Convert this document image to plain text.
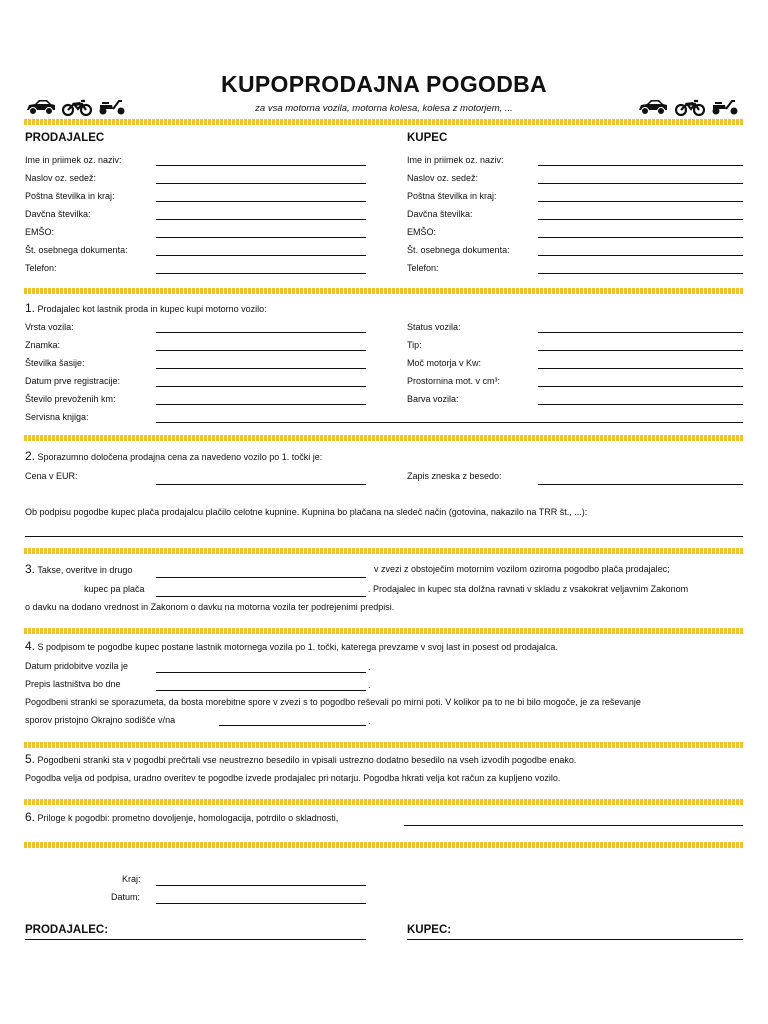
KUPOPRODAJNA POGODBA
za vsa motorna vozila, motorna kolesa, kolesa z motorjem, ...
PRODAJALEC	KUPEC
Ime in priimek oz. naziv:	Ime in priimek oz. naziv:
Naslov oz. sedež:	Naslov oz. sedež:
Poštna številka in kraj:	Poštna številka in kraj:
Davčna številka:	Davčna številka:
EMŠO:	EMŠO:
Št. osebnega dokumenta:	Št. osebnega dokumenta:
Telefon:	Telefon:
1. Prodajalec kot lastnik proda in kupec kupi motorno vozilo:
Vrsta vozila:	Status vozila:
Znamka:	Tip:
Številka šasije:	Moč motorja v Kw:
Datum prve registracije:	Prostornina mot. v cm³:
Število prevoženih km:	Barva vozila:
Servisna knjiga:
2. Sporazumno določena prodajna cena za navedeno vozilo po 1. točki je:
Cena v EUR:	Zapis zneska z besedo:
Ob podpisu pogodbe kupec plača prodajalcu plačilo celotne kupnine. Kupnina bo plačana na sledeč način (gotovina, nakazilo na TRR št., ...):
3. Takse, overitve in drugo	v zvezi z obstoječim motornim vozilom oziroma pogodbo plača prodajalec;
kupec pa plača	. Prodajalec in kupec sta dolžna ravnati v skladu z vsakokrat veljavnim Zakonom
o davku na dodano vrednost in Zakonom o davku na motorna vozila ter podrejenimi predpisi.
4. S podpisom te pogodbe kupec postane lastnik motornega vozila po 1. točki, katerega prevzame v svoj last in posest od prodajalca.
Datum pridobitve vozila je	.
Prepis lastništva bo dne	.
Pogodbeni stranki se sporazumeta, da bosta morebitne spore v zvezi s to pogodbo reševali po mirni poti. V kolikor pa to ne bi bilo mogoče, je za reševanje
sporov pristojno Okrajno sodišče v/na	.
5. Pogodbeni stranki sta v pogodbi prečrtali vse neustrezno besedilo in vpisali ustrezno dodatno besedilo na vseh izvodih pogodbe enako.
Pogodba velja od podpisa, uradno overitev te pogodbe izvede prodajalec pri notarju. Pogodba hkrati velja kot račun za kupljeno vozilo.
6. Priloge k pogodbi: prometno dovoljenje, homologacija, potrdilo o skladnosti,
Kraj:
Datum:
PRODAJALEC:	KUPEC:
